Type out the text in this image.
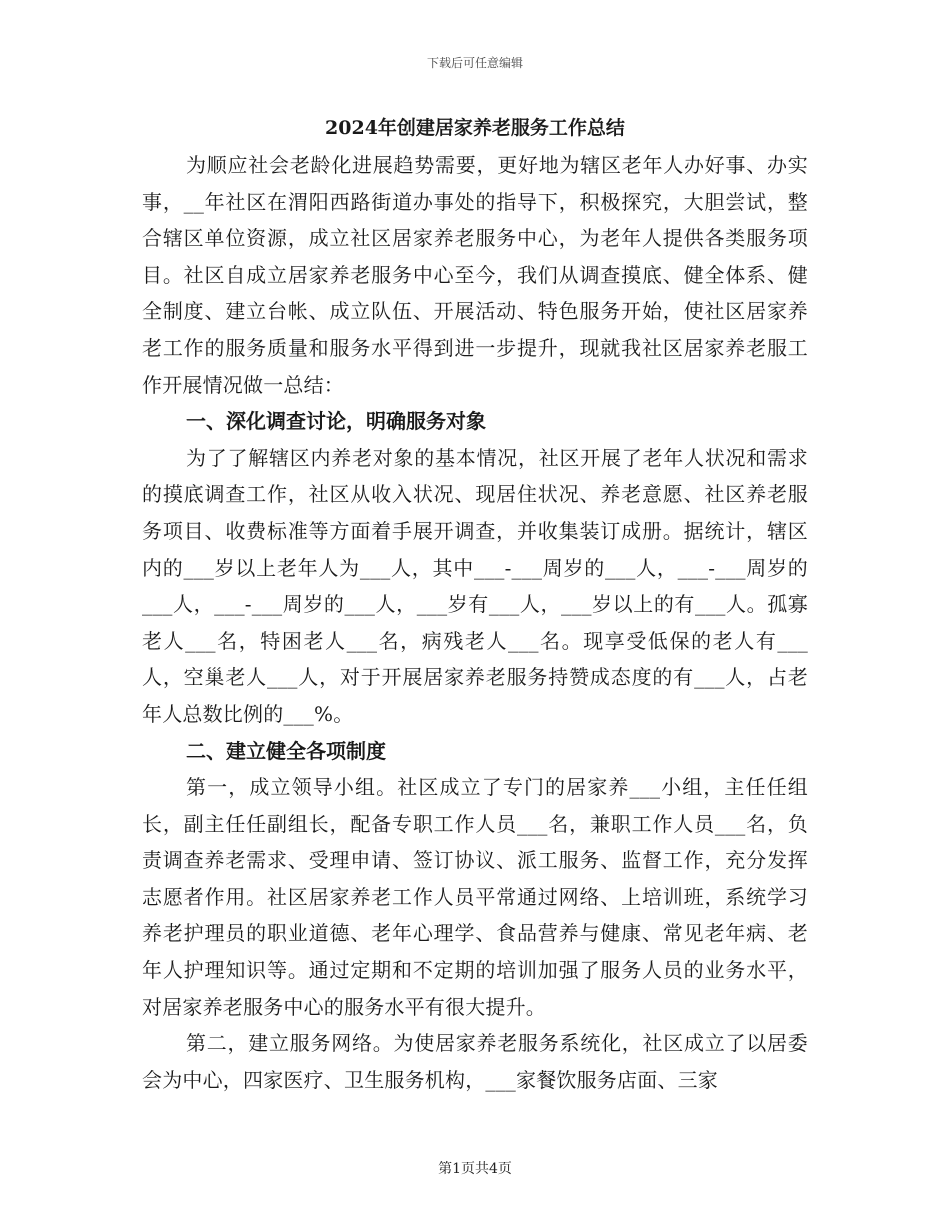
下载后可任意编辑
2024年创建居家养老服务工作总结

为顺应社会老龄化进展趋势需要，更好地为辖区老年人办好事、办实事，__年社区在渭阳西路街道办事处的指导下，积极探究，大胆尝试，整合辖区单位资源，成立社区居家养老服务中心，为老年人提供各类服务项目。社区自成立居家养老服务中心至今，我们从调查摸底、健全体系、健全制度、建立台帐、成立队伍、开展活动、特色服务开始，使社区居家养老工作的服务质量和服务水平得到进一步提升，现就我社区居家养老服工作开展情况做一总结：

一、深化调查讨论，明确服务对象

为了了解辖区内养老对象的基本情况，社区开展了老年人状况和需求的摸底调查工作，社区从收入状况、现居住状况、养老意愿、社区养老服务项目、收费标准等方面着手展开调查，并收集装订成册。据统计，辖区内的___岁以上老年人为___人，其中___-___周岁的___人，___-___周岁的___人，___-___周岁的___人，___岁有___人，___岁以上的有___人。孤寡老人___名，特困老人___名，病残老人___名。现享受低保的老人有___人，空巢老人___人，对于开展居家养老服务持赞成态度的有___人，占老年人总数比例的___%。

二、建立健全各项制度

第一，成立领导小组。社区成立了专门的居家养___小组，主任任组长，副主任任副组长，配备专职工作人员___名，兼职工作人员___名，负责调查养老需求、受理申请、签订协议、派工服务、监督工作，充分发挥志愿者作用。社区居家养老工作人员平常通过网络、上培训班，系统学习养老护理员的职业道德、老年心理学、食品营养与健康、常见老年病、老年人护理知识等。通过定期和不定期的培训加强了服务人员的业务水平，对居家养老服务中心的服务水平有很大提升。

第二，建立服务网络。为使居家养老服务系统化，社区成立了以居委会为中心，四家医疗、卫生服务机构，___家餐饮服务店面、三家

第1页共4页
